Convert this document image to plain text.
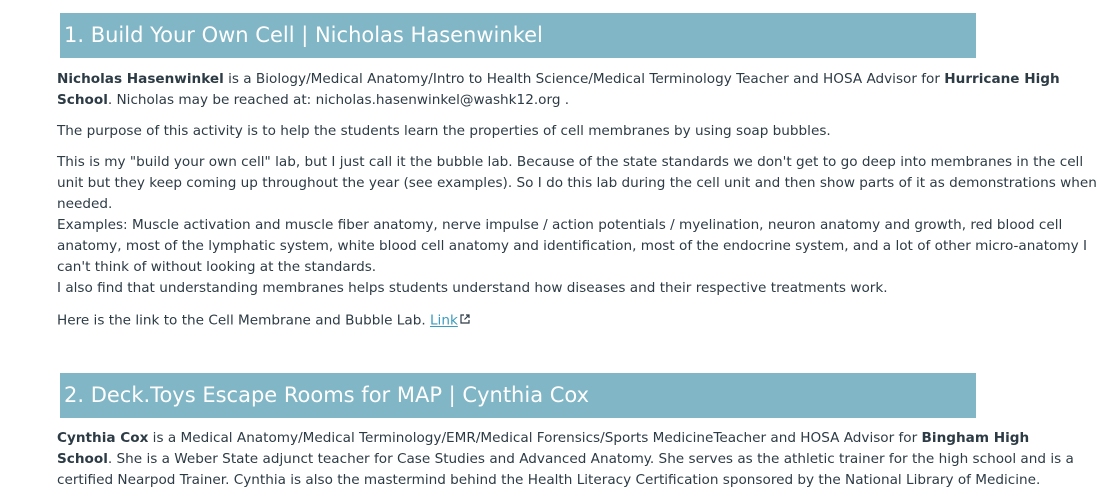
1. Build Your Own Cell | Nicholas Hasenwinkel

Nicholas Hasenwinkel is a Biology/Medical Anatomy/Intro to Health Science/Medical Terminology Teacher and HOSA Advisor for Hurricane High
School. Nicholas may be reached at: nicholas.hasenwinkel@washk12.org .

The purpose of this activity is to help the students learn the properties of cell membranes by using soap bubbles.

This is my "build your own cell" lab, but I just call it the bubble lab. Because of the state standards we don't get to go deep into membranes in the cell
unit but they keep coming up throughout the year (see examples). So I do this lab during the cell unit and then show parts of it as demonstrations when
needed.
Examples: Muscle activation and muscle fiber anatomy, nerve impulse / action potentials / myelination, neuron anatomy and growth, red blood cell
anatomy, most of the lymphatic system, white blood cell anatomy and identification, most of the endocrine system, and a lot of other micro-anatomy I
can't think of without looking at the standards.
I also find that understanding membranes helps students understand how diseases and their respective treatments work.

Here is the link to the Cell Membrane and Bubble Lab. Link

2. Deck.Toys Escape Rooms for MAP | Cynthia Cox

Cynthia Cox is a Medical Anatomy/Medical Terminology/EMR/Medical Forensics/Sports MedicineTeacher and HOSA Advisor for Bingham High
School. She is a Weber State adjunct teacher for Case Studies and Advanced Anatomy. She serves as the athletic trainer for the high school and is a
certified Nearpod Trainer. Cynthia is also the mastermind behind the Health Literacy Certification sponsored by the National Library of Medicine.
